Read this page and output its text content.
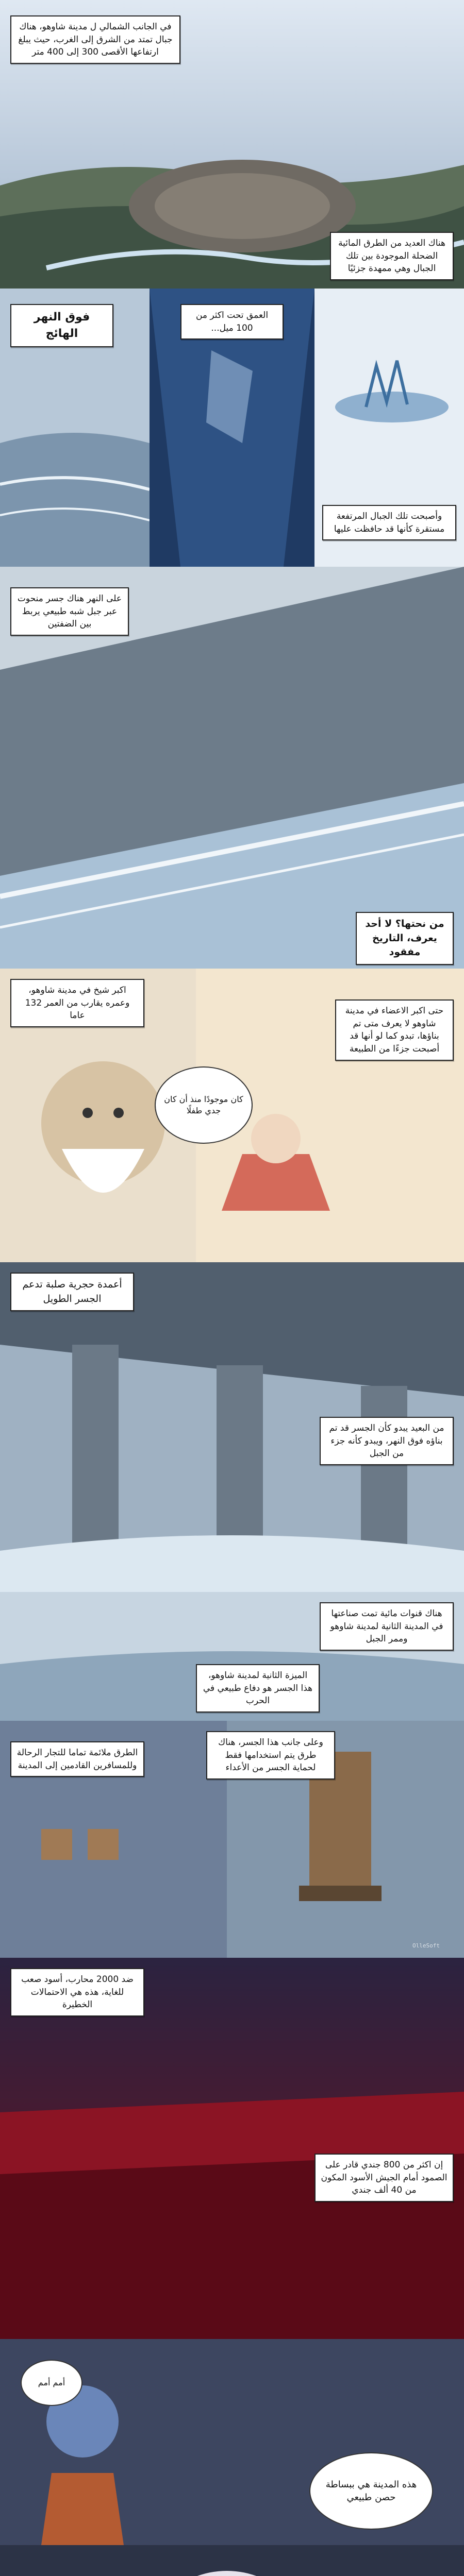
في الجانب الشمالي ل مدينة شاوهو، هناك جبال تمتد من الشرق إلى الغرب، حيث يبلغ ارتفاعها الأقصى 300 إلى 400 متر
هناك العديد من الطرق المائية الضحلة الموجودة بين تلك الجبال وهي ممهدة جزئيًا
فوق النهر الهائج
العمق تحت اكثر من 100 ميل...
وأصبحت تلك الجبال المرتفعة مستقرة كأنها قد حافظت عليها
على النهر هناك جسر منحوت عبر جبل شبه طبيعي يربط بين الضفتين
من نحتها؟ لا أحد يعرف، التاريخ مفقود
اكبر شيخ في مدينة شاوهو، وعمره يقارب من العمر 132 عاما
كان موجودًا منذ أن كان جدي طفلًا
حتى اكبر الاعضاء في مدينة شاوهو لا يعرف متى تم بناؤها، تبدو كما لو أنها قد أصبحت جزءًا من الطبيعة
أعمدة حجرية صلبة تدعم الجسر الطويل
من البعيد يبدو كأن الجسر قد تم بناؤه فوق النهر، ويبدو كأنه جزء من الجبل
هناك قنوات مائية تمت صناعتها في المدينة الثانية لمدينة شاوهو وممر الجبل
الميزة الثانية لمدينة شاوهو، هذا الجسر هو دفاع طبيعي في الحرب
وعلى جانب هذا الجسر، هناك طرق يتم استخدامها فقط لحماية الجسر من الأعداء
الطرق ملائمة تماما للتجار الرحالة وللمسافرين القادمين إلى المدينة
OlleSoft
ضد 2000 محارب، أسود صعب للغاية، هذه هي الاحتمالات الخطيرة
إن اكثر من 800 جندي قادر على الصمود أمام الجيش الأسود المكون من 40 ألف جندي
أمم أمم
هذه المدينة هي ببساطة حصن طبيعي
